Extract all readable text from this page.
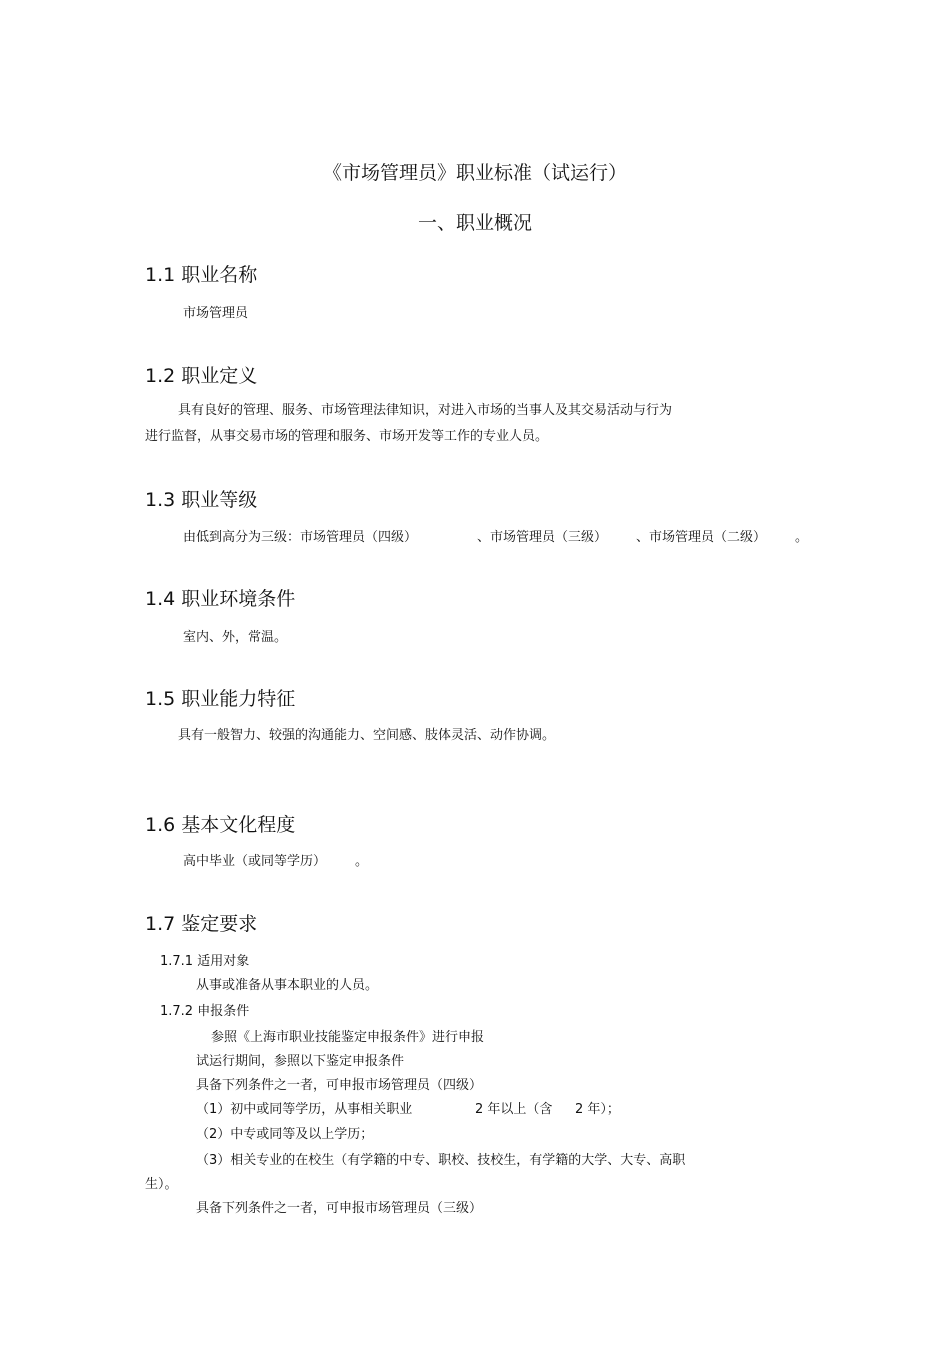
《市场管理员》职业标准（试运行）
一、职业概况
1.1 职业名称
市场管理员
1.2 职业定义
具有良好的管理、服务、市场管理法律知识，对进入市场的当事人及其交易活动与行为
进行监督，从事交易市场的管理和服务、市场开发等工作的专业人员。
1.3 职业等级
由低到高分为三级：市场管理员（四级）	、市场管理员（三级） 、市场管理员（二级） 。
1.4 职业环境条件
室内、外，常温。
1.5 职业能力特征
具有一般智力、较强的沟通能力、空间感、肢体灵活、动作协调。
1.6 基本文化程度
高中毕业（或同等学历） 。
1.7 鉴定要求
1.7.1 适用对象
从事或准备从事本职业的人员。
1.7.2 申报条件
参照《上海市职业技能鉴定申报条件》进行申报
试运行期间，参照以下鉴定申报条件
具备下列条件之一者，可申报市场管理员（四级）
（1）初中或同等学历，从事相关职业	2 年以上（含 2 年）；
（2）中专或同等及以上学历；
（3）相关专业的在校生（有学籍的中专、职校、技校生，有学籍的大学、大专、高职
生）。
具备下列条件之一者，可申报市场管理员（三级）
